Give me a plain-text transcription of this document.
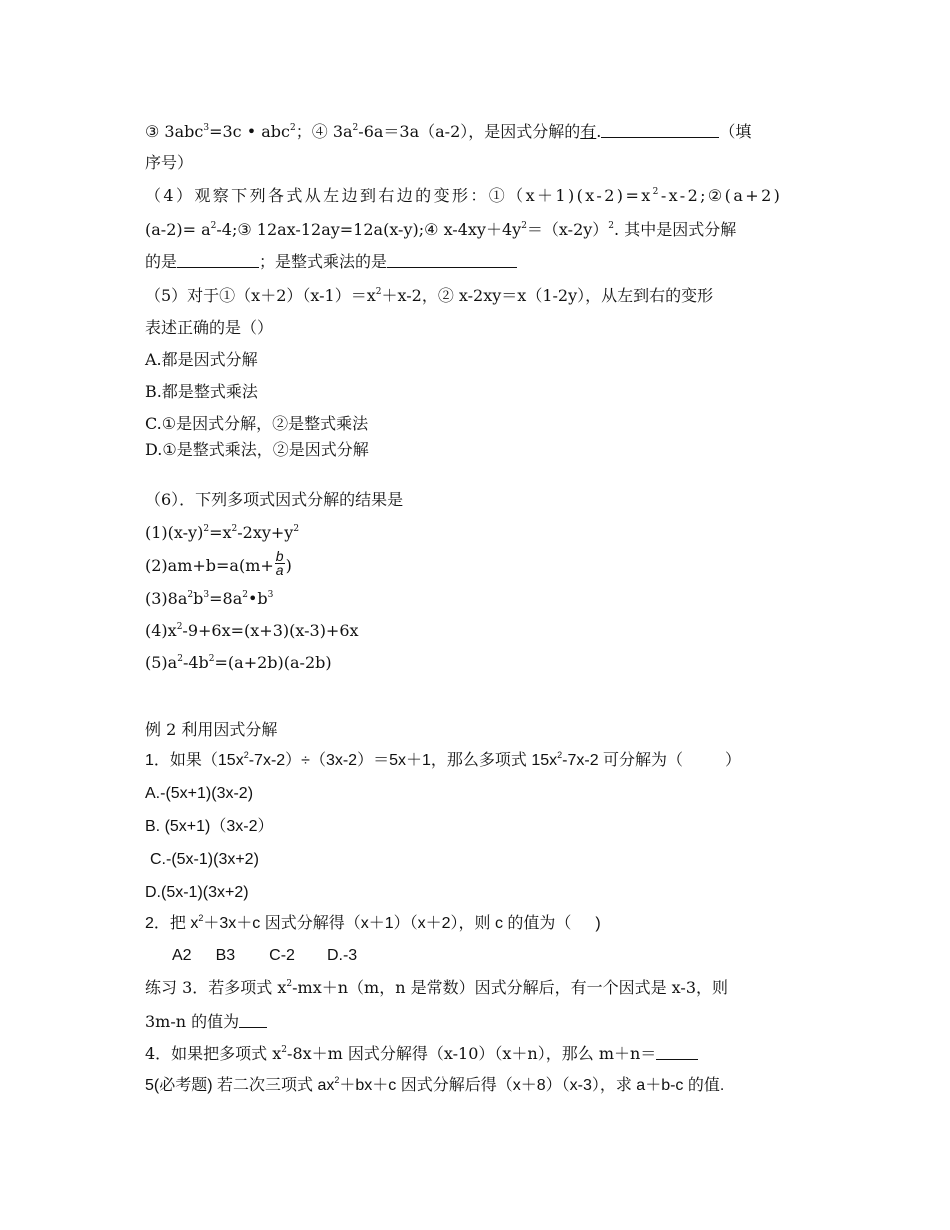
③ 3abc$^3$=3c • abc$^2$；④ $3a^2-6a=3a(a-2)$，是因式分解的有.	（填
序号）
（4）观察下列各式从左边到右边的变形：$①(x+1)(x-2)=x^2-x-2;②(a+2)$
$(a-2)= a^2-4;③$ 12ax-12ay=12a(x-y);④ $x-4xy+4y^2=(x-2y)^2$. 其中是因式分解
的是	；是整式乘法的是
（5）对于$①(x+2)(x-1)=x^2+x-2$，② x-2xy＝x（1-2y），从左到右的变形
表述正确的是（）
A.都是因式分解
B.都是整式乘法
C.①是因式分解，②是整式乘法
D.①是整式乘法，②是因式分解
（6）．下列多项式因式分解的结果是
$(1)(x-y)^2=x^2-2xy+y^2$
$(2)am+b=a(m+ \frac{b}{a}$ )
$(3)8a^2b^3=8a^2•b^3$
$(4)x^2-9+6x=(x+3)(x-3)+6x$
$(5)a^2-4b^2=(a+2b)(a-2b)$
例 2 利用因式分解
1．如果$(15x^2-7x-2)\div(3x-2)=5x+1$，那么多项式 $15x^2-7x-2$ 可分解为（	）
A.-(5x+1)(3x-2)
B. (5x+1)（3x-2）
C.-(5x-1)(3x+2)
D.(5x-1)(3x+2)
2．把 $x^2+3x+c$ 因式分解得（x＋1）（x＋2），则 c 的值为（ )
A2 B3 C-2 D.-3
练习 3．若多项式 $x^2-mx+n(m$，n 是常数）因式分解后，有一个因式是 x-3，则
3m-n 的值为
4．如果把多项式 $x^2-8x+m$ 因式分解得（x-10）（x＋n），那么 m＋n＝
5(必考题) 若二次三项式 $ax^2+bx+c$ 因式分解后得（x＋8）（x-3），求 a＋b-c 的值.
